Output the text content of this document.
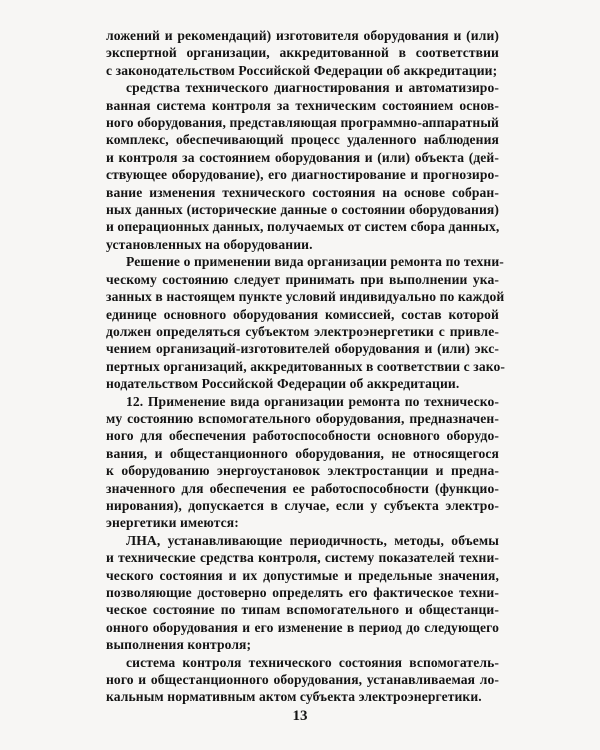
ложений и рекомендаций) изготовителя оборудования и (или)
экспертной организации, аккредитованной в соответствии
с законодательством Российской Федерации об аккредитации;
средства технического диагностирования и автоматизиро-
ванная система контроля за техническим состоянием основ-
ного оборудования, представляющая программно-аппаратный
комплекс, обеспечивающий процесс удаленного наблюдения
и контроля за состоянием оборудования и (или) объекта (дей-
ствующее оборудование), его диагностирование и прогнозиро-
вание изменения технического состояния на основе собран-
ных данных (исторические данные о состоянии оборудования)
и операционных данных, получаемых от систем сбора данных,
установленных на оборудовании.
Решение о применении вида организации ремонта по техни-
ческому состоянию следует принимать при выполнении ука-
занных в настоящем пункте условий индивидуально по каждой
единице основного оборудования комиссией, состав которой
должен определяться субъектом электроэнергетики с привле-
чением организаций-изготовителей оборудования и (или) экс-
пертных организаций, аккредитованных в соответствии с зако-
нодательством Российской Федерации об аккредитации.
12. Применение вида организации ремонта по техническо-
му состоянию вспомогательного оборудования, предназначен-
ного для обеспечения работоспособности основного оборудо-
вания, и общестанционного оборудования, не относящегося
к оборудованию энергоустановок электростанции и предна-
значенного для обеспечения ее работоспособности (функцио-
нирования), допускается в случае, если у субъекта электро-
энергетики имеются:
ЛНА, устанавливающие периодичность, методы, объемы
и технические средства контроля, систему показателей техни-
ческого состояния и их допустимые и предельные значения,
позволяющие достоверно определять его фактическое техни-
ческое состояние по типам вспомогательного и общестанци-
онного оборудования и его изменение в период до следующего
выполнения контроля;
система контроля технического состояния вспомогатель-
ного и общестанционного оборудования, устанавливаемая ло-
кальным нормативным актом субъекта электроэнергетики.
13
